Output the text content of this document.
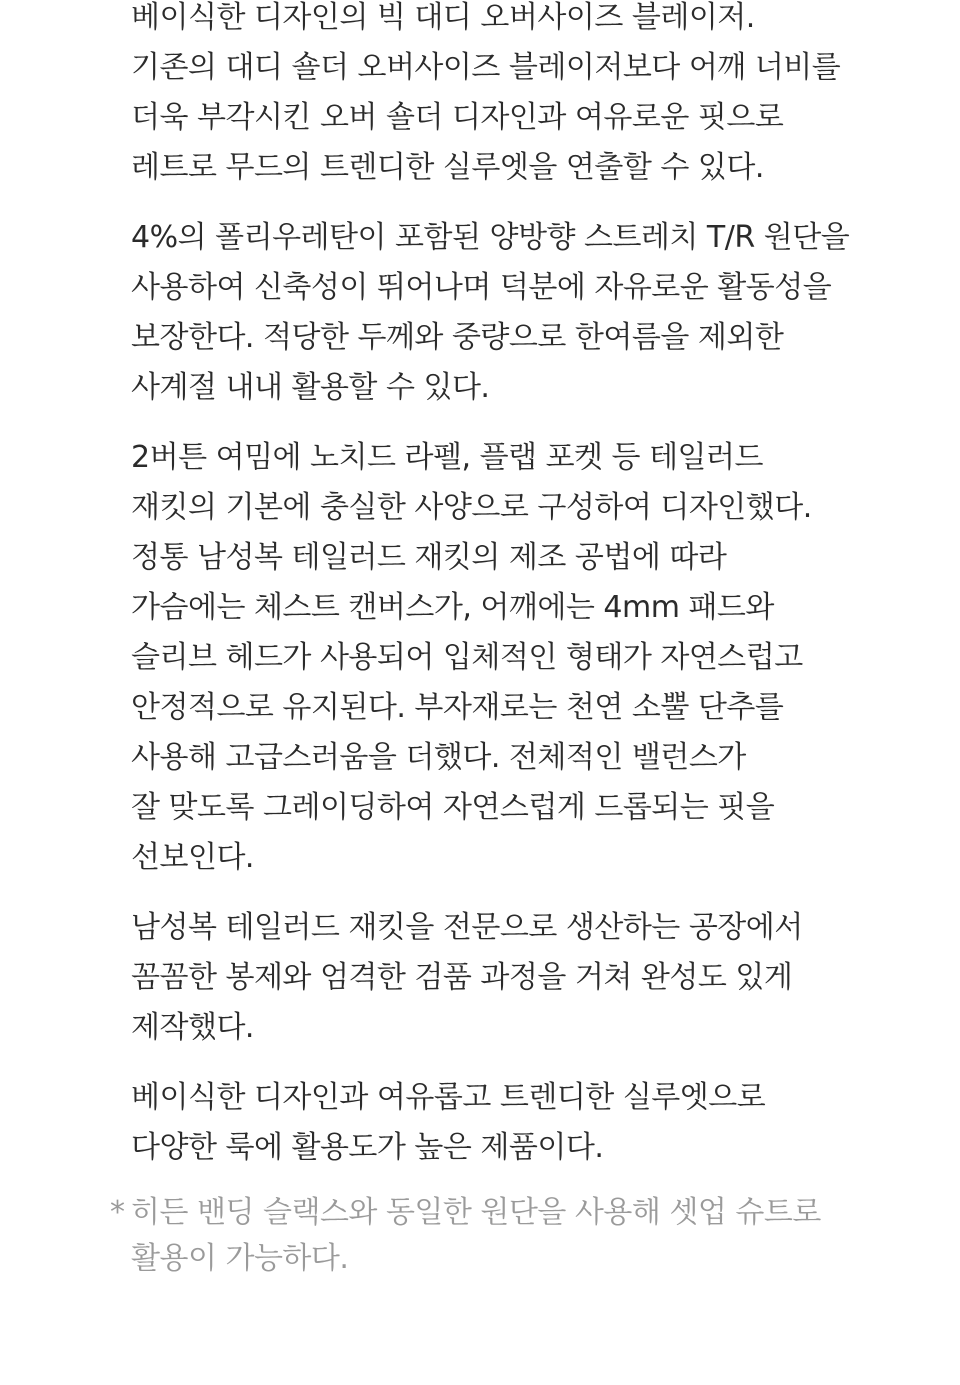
베이식한 디자인의 빅 대디 오버사이즈 블레이저.
기존의 대디 숄더 오버사이즈 블레이저보다 어깨 너비를
더욱 부각시킨 오버 숄더 디자인과 여유로운 핏으로
레트로 무드의 트렌디한 실루엣을 연출할 수 있다.

4%의 폴리우레탄이 포함된 양방향 스트레치 T/R 원단을
사용하여 신축성이 뛰어나며 덕분에 자유로운 활동성을
보장한다. 적당한 두께와 중량으로 한여름을 제외한
사계절 내내 활용할 수 있다.

2버튼 여밈에 노치드 라펠, 플랩 포켓 등 테일러드
재킷의 기본에 충실한 사양으로 구성하여 디자인했다.
정통 남성복 테일러드 재킷의 제조 공법에 따라
가슴에는 체스트 캔버스가, 어깨에는 4mm 패드와
슬리브 헤드가 사용되어 입체적인 형태가 자연스럽고
안정적으로 유지된다. 부자재로는 천연 소뿔 단추를
사용해 고급스러움을 더했다. 전체적인 밸런스가
잘 맞도록 그레이딩하여 자연스럽게 드롭되는 핏을
선보인다.

남성복 테일러드 재킷을 전문으로 생산하는 공장에서
꼼꼼한 봉제와 엄격한 검품 과정을 거쳐 완성도 있게
제작했다.

베이식한 디자인과 여유롭고 트렌디한 실루엣으로
다양한 룩에 활용도가 높은 제품이다.

* 히든 밴딩 슬랙스와 동일한 원단을 사용해 셋업 슈트로
활용이 가능하다.
